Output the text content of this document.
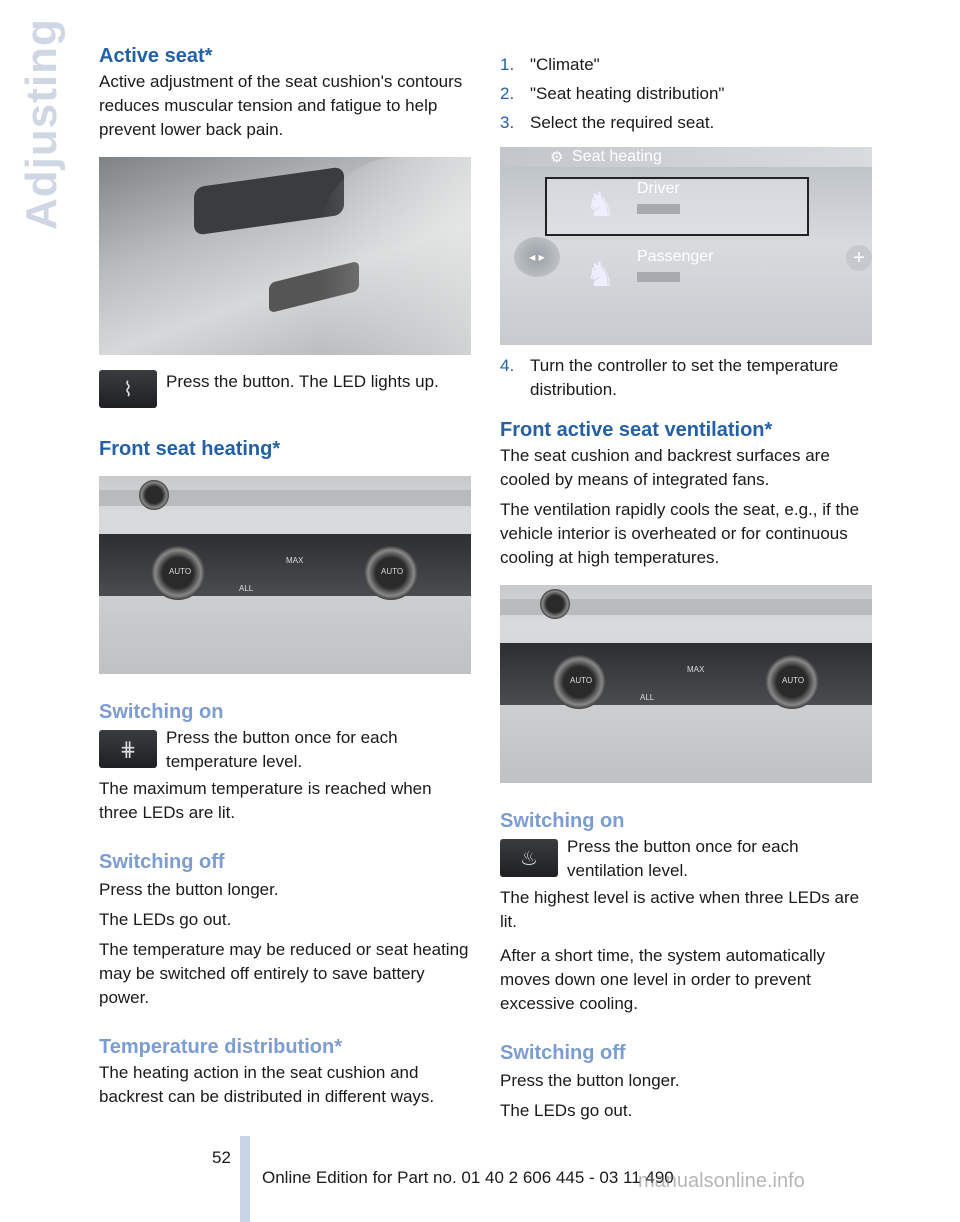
Adjusting Active seat*

Active adjustment of the seat cushion's contours reduces muscular tension and fatigue to help prevent lower back pain.

⌇	Press the button. The LED lights up.
Front seat heating*
AUTO
MAX
ALL
AUTO
Switching on
⋕
Press the button once for each temperature level.

The maximum temperature is reached when three LEDs are lit.

Switching off

Press the button longer.

The LEDs go out.

The temperature may be reduced or seat heating may be switched off entirely to save battery power.

Temperature distribution*

The heating action in the seat cushion and backrest can be distributed in different ways.

1. "Climate"
2. "Seat heating distribution"
3. Select the required seat.
⚙ Seat heating
Driver
♞
Passenger
♞
◂ ▸	+
4. Turn the controller to set the temperature distribution.
Front active seat ventilation*

The seat cushion and backrest surfaces are cooled by means of integrated fans.

The ventilation rapidly cools the seat, e.g., if the vehicle interior is overheated or for continuous cooling at high temperatures.

AUTO
MAX
ALL
AUTO
Switching on
♨
Press the button once for each ventilation level.

The highest level is active when three LEDs are lit.

After a short time, the system automatically moves down one level in order to prevent excessive cooling.

Switching off

Press the button longer.

The LEDs go out.

52
Online Edition for Part no. 01 40 2 606 445 - 03 11 490
manualsonline.info
